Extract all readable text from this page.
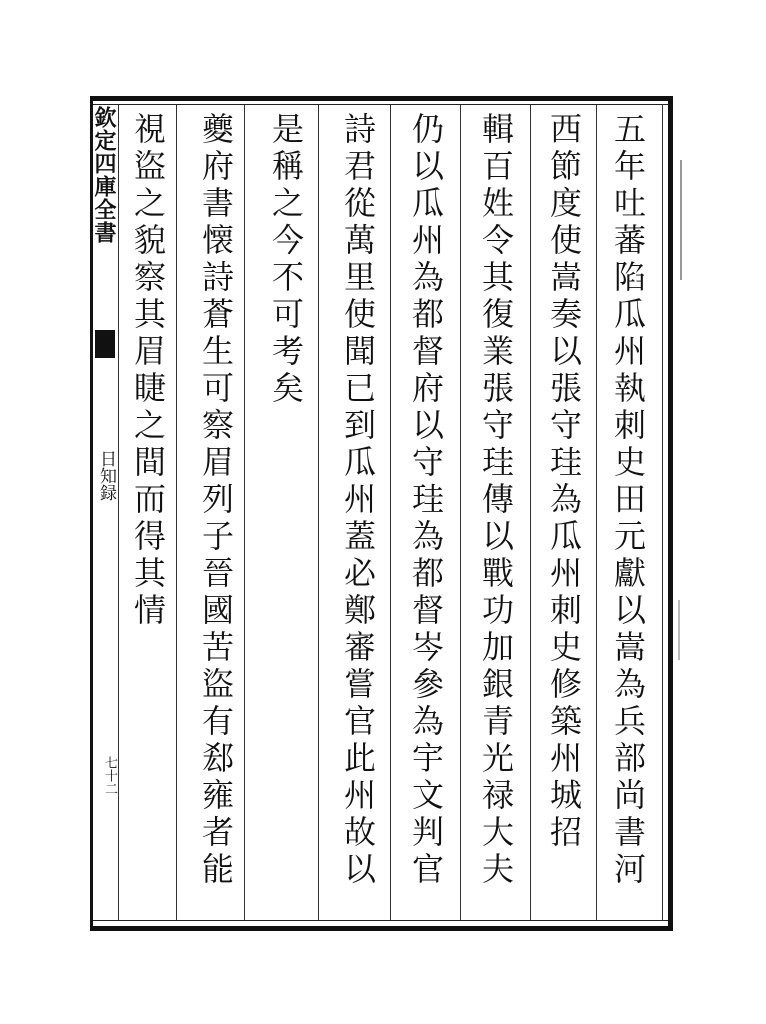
欽定四庫全書
日知録
七十二	五年吐蕃陷瓜州執刺史田元獻以嵩為兵部尚書河
西節度使嵩奏以張守珪為瓜州刺史修築州城招
輯百姓令其復業張守珪傳以戰功加銀青光禄大夫
仍以瓜州為都督府以守珪為都督岑參為宇文判官
詩君從萬里使聞已到瓜州蓋必鄭審嘗官此州故以
是稱之今不可考矣
夔府書懐詩蒼生可察眉列子晉國苦盜有郄雍者能
視盜之貌察其眉睫之間而得其情
